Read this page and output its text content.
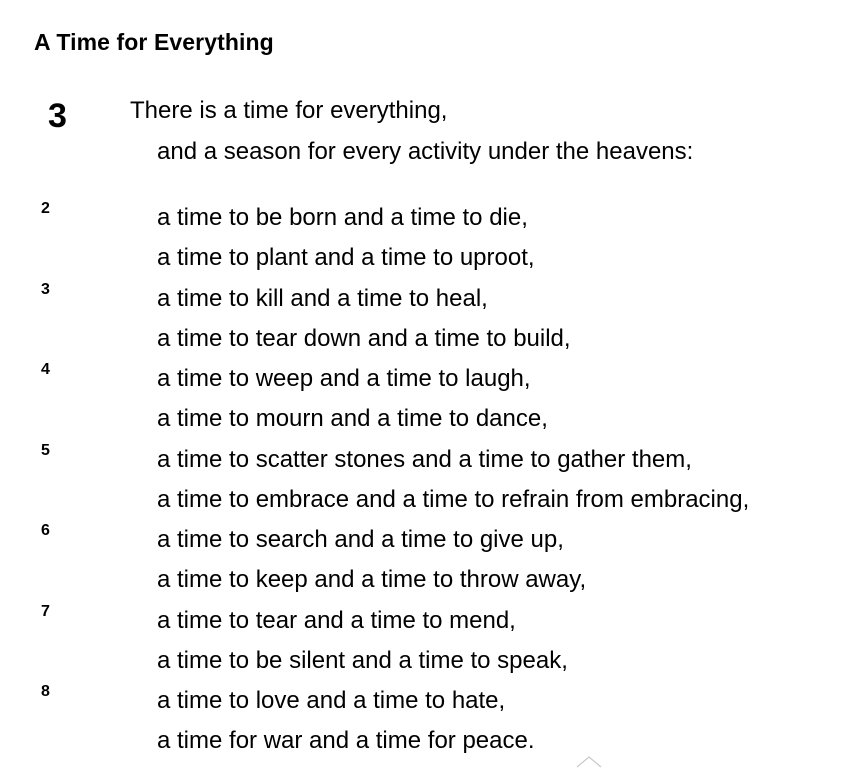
A Time for Everything
3	There is a time for everything,
and a season for every activity under the heavens:
2
3
4
5
6
7
8
a time to be born and a time to die,
a time to plant and a time to uproot,
a time to kill and a time to heal,
a time to tear down and a time to build,
a time to weep and a time to laugh,
a time to mourn and a time to dance,
a time to scatter stones and a time to gather them,
a time to embrace and a time to refrain from embracing,
a time to search and a time to give up,
a time to keep and a time to throw away,
a time to tear and a time to mend,
a time to be silent and a time to speak,
a time to love and a time to hate,
a time for war and a time for peace.
